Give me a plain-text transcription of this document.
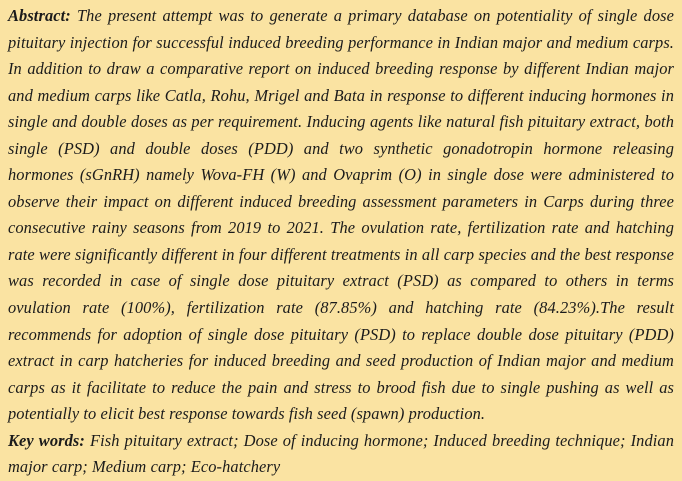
Abstract: The present attempt was to generate a primary database on potentiality of single dose pituitary injection for successful induced breeding performance in Indian major and medium carps. In addition to draw a comparative report on induced breeding response by different Indian major and medium carps like Catla, Rohu, Mrigel and Bata in response to different inducing hormones in single and double doses as per requirement. Inducing agents like natural fish pituitary extract, both single (PSD) and double doses (PDD) and two synthetic gonadotropin hormone releasing hormones (sGnRH) namely Wova-FH (W) and Ovaprim (O) in single dose were administered to observe their impact on different induced breeding assessment parameters in Carps during three consecutive rainy seasons from 2019 to 2021. The ovulation rate, fertilization rate and hatching rate were significantly different in four different treatments in all carp species and the best response was recorded in case of single dose pituitary extract (PSD) as compared to others in terms ovulation rate (100%), fertilization rate (87.85%) and hatching rate (84.23%).The result recommends for adoption of single dose pituitary (PSD) to replace double dose pituitary (PDD) extract in carp hatcheries for induced breeding and seed production of Indian major and medium carps as it facilitate to reduce the pain and stress to brood fish due to single pushing as well as potentially to elicit best response towards fish seed (spawn) production.

Key words: Fish pituitary extract; Dose of inducing hormone; Induced breeding technique; Indian major carp; Medium carp; Eco-hatchery
